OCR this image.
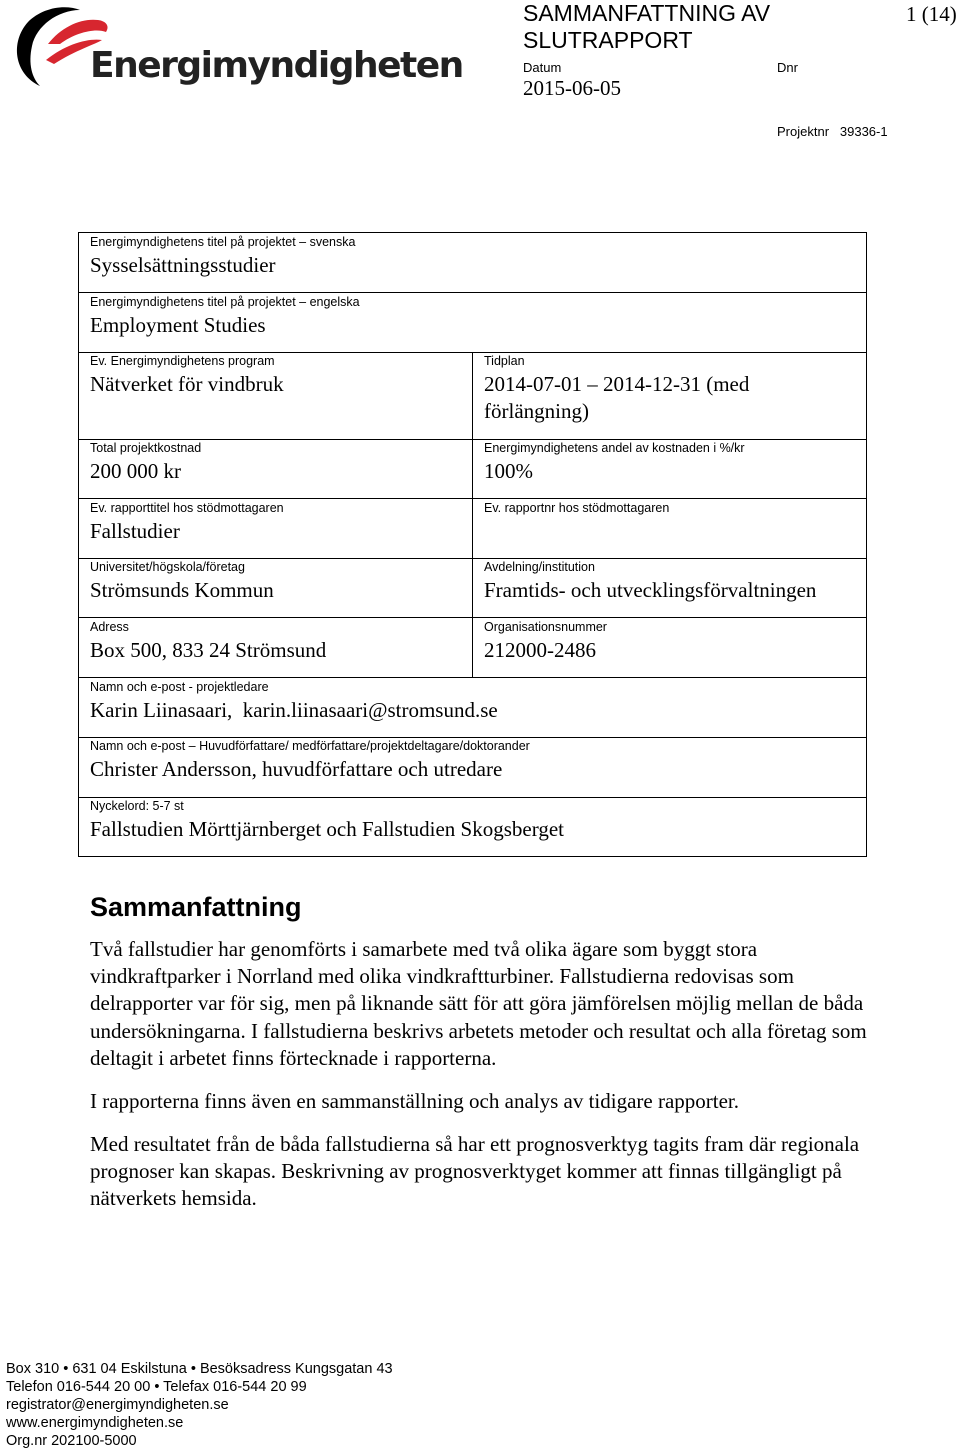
Energimyndigheten
SAMMANFATTNING AV SLUTRAPPORT
1 (14)
Datum	Dnr
2015-06-05
Projektnr 39336-1
Energimyndighetens titel på projektet – svenska
Sysselsättningsstudier
Energimyndighetens titel på projektet – engelska
Employment Studies
Ev. Energimyndighetens program
Nätverket för vindbruk
Tidplan
2014-07-01 – 2014-12-31 (med förlängning)
Total projektkostnad
200 000 kr
Energimyndighetens andel av kostnaden i %/kr
100%
Ev. rapporttitel hos stödmottagaren
Fallstudier
Ev. rapportnr hos stödmottagaren
Universitet/högskola/företag
Strömsunds Kommun
Avdelning/institution
Framtids- och utvecklingsförvaltningen
Adress
Box 500, 833 24 Strömsund
Organisationsnummer
212000-2486
Namn och e-post - projektledare
Karin Liinasaari,  karin.liinasaari@stromsund.se
Namn och e-post – Huvudförfattare/ medförfattare/projektdeltagare/doktorander
Christer Andersson, huvudförfattare och utredare
Nyckelord: 5-7 st
Fallstudien Mörttjärnberget och Fallstudien Skogsberget
Sammanfattning
Två fallstudier har genomförts i samarbete med två olika ägare som byggt stora vindkraftparker i Norrland med olika vindkraftturbiner. Fallstudierna redovisas som delrapporter var för sig, men på liknande sätt för att göra jämförelsen möjlig mellan de båda undersökningarna. I fallstudierna beskrivs arbetets metoder och resultat och alla företag som deltagit i arbetet finns förtecknade i rapporterna.
I rapporterna finns även en sammanställning och analys av tidigare rapporter.
Med resultatet från de båda fallstudierna så har ett prognosverktyg tagits fram där regionala prognoser kan skapas. Beskrivning av prognosverktyget kommer att finnas tillgängligt på nätverkets hemsida.
Box 310 • 631 04 Eskilstuna • Besöksadress Kungsgatan 43
Telefon 016-544 20 00 • Telefax 016-544 20 99
registrator@energimyndigheten.se
www.energimyndigheten.se
Org.nr 202100-5000
